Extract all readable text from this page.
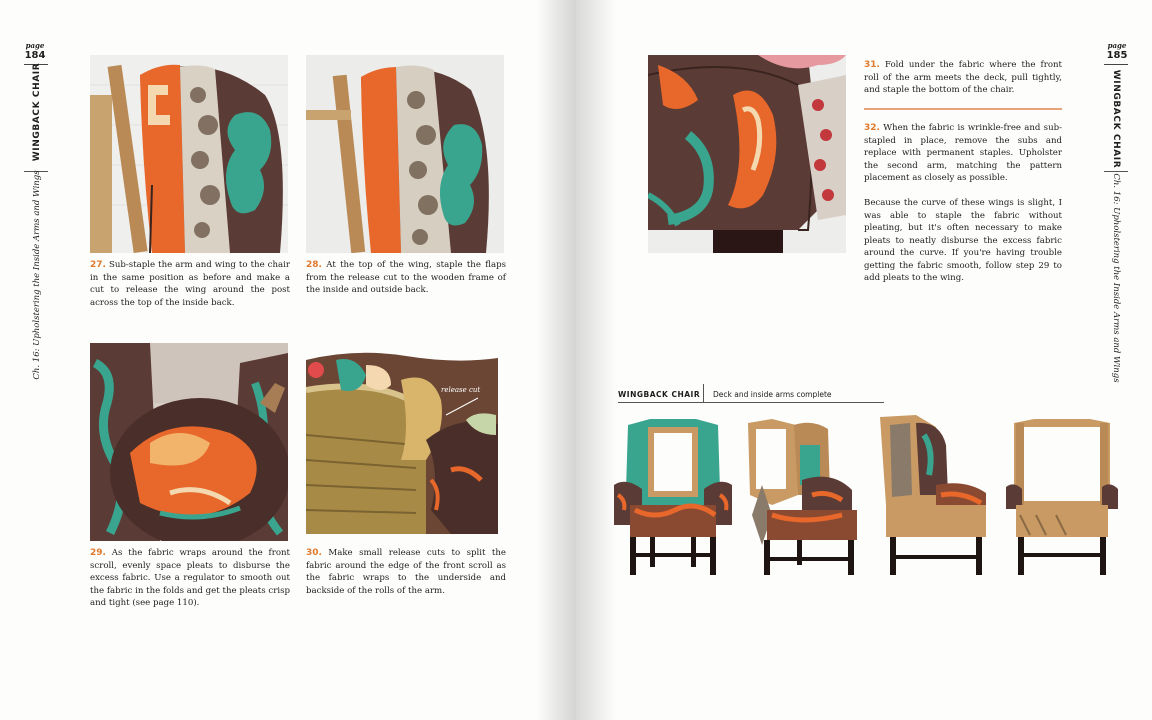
page
184
WINGBACK CHAIR
Ch. 16: Upholstering the Inside Arms and Wings	27. Sub-staple the arm and wing to the chair in the same position as before and make a cut to release the wing around the post across the top of the inside back.
28. At the top of the wing, staple the flaps from the release cut to the wooden frame of the inside and outside back.
29. As the fabric wraps around the front scroll, evenly space pleats to disburse the excess fabric. Use a regulator to smooth out the fabric in the folds and get the pleats crisp and tight (see page 110).
release cut
30. Make small release cuts to split the fabric around the edge of the front scroll as the fabric wraps to the underside and backside of the rolls of the arm.
31. Fold under the fabric where the front roll of the arm meets the deck, pull tightly, and staple the bottom of the chair.
32. When the fabric is wrinkle-free and sub-stapled in place, remove the subs and replace with permanent staples. Upholster the second arm, matching the pattern placement as closely as possible.
Because the curve of these wings is slight, I was able to staple the fabric without pleating, but it's often necessary to make pleats to neatly disburse the excess fabric around the curve. If you're having trouble getting the fabric smooth, follow step 29 to add pleats to the wing.
page
185
WINGBACK CHAIR
Ch. 16: Upholstering the Inside Arms and Wings
WINGBACK CHAIR Deck and inside arms complete
